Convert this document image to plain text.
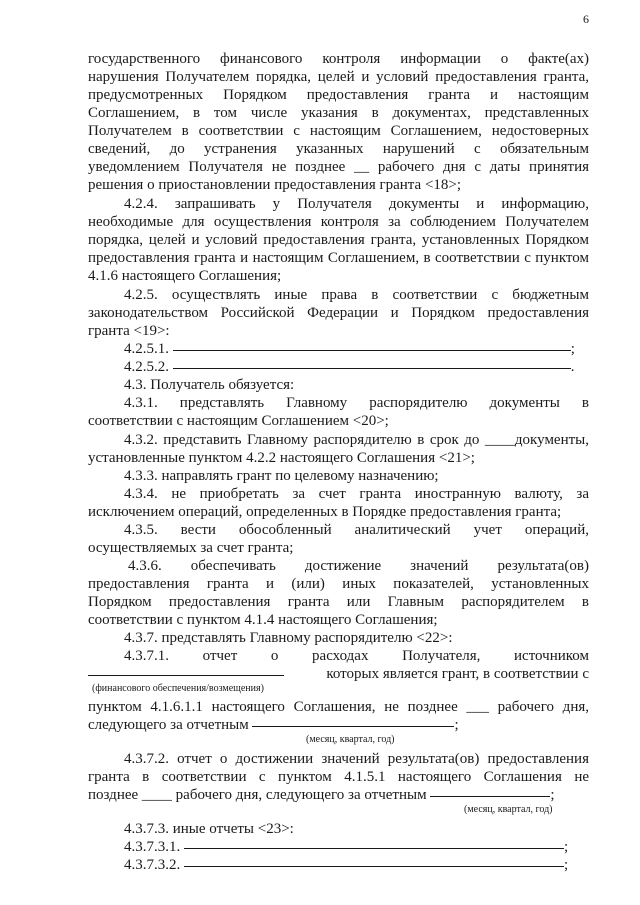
6
государственного финансового контроля информации о факте(ах)
нарушения Получателем порядка, целей и условий предоставления гранта,
предусмотренных Порядком предоставления гранта и настоящим
Соглашением, в том числе указания в документах, представленных
Получателем в соответствии с настоящим Соглашением, недостоверных
сведений, до устранения указанных нарушений с обязательным
уведомлением Получателя не позднее __ рабочего дня с даты принятия
решения о приостановлении предоставления гранта <18>;
4.2.4. запрашивать у Получателя документы и информацию,
необходимые для осуществления контроля за соблюдением Получателем
порядка, целей и условий предоставления гранта, установленных Порядком
предоставления гранта и настоящим Соглашением, в соответствии с пунктом
4.1.6 настоящего Соглашения;
4.2.5. осуществлять иные права в соответствии с бюджетным
законодательством Российской Федерации и Порядком предоставления
гранта <19>:
4.2.5.1.	;
4.2.5.2.	.
4.3. Получатель обязуется:
4.3.1. представлять Главному распорядителю документы в
соответствии с настоящим Соглашением <20>;
4.3.2. представить Главному распорядителю в срок до ____документы,
установленные пунктом 4.2.2 настоящего Соглашения <21>;
4.3.3. направлять грант по целевому назначению;
4.3.4. не приобретать за счет гранта иностранную валюту, за
исключением операций, определенных в Порядке предоставления гранта;
4.3.5. вести обособленный аналитический учет операций,
осуществляемых за счет гранта;
4.3.6. обеспечивать достижение значений результата(ов)
предоставления гранта и (или) иных показателей, установленных
Порядком предоставления гранта или Главным распорядителем в
соответствии с пунктом 4.1.4 настоящего Соглашения;
4.3.7. представлять Главному распорядителю <22>:
4.3.7.1. отчет о расходах Получателя, источником
которых является грант, в соответствии с
(финансового обеспечения/возмещения)
пунктом 4.1.6.1.1 настоящего Соглашения, не позднее ___ рабочего дня,
следующего за отчетным	;
(месяц, квартал, год)
4.3.7.2. отчет о достижении значений результата(ов) предоставления
гранта в соответствии с пунктом 4.1.5.1 настоящего Соглашения не
позднее ____ рабочего дня, следующего за отчетным	;
(месяц, квартал, год)
4.3.7.3. иные отчеты <23>:
4.3.7.3.1.	;
4.3.7.3.2.	;
